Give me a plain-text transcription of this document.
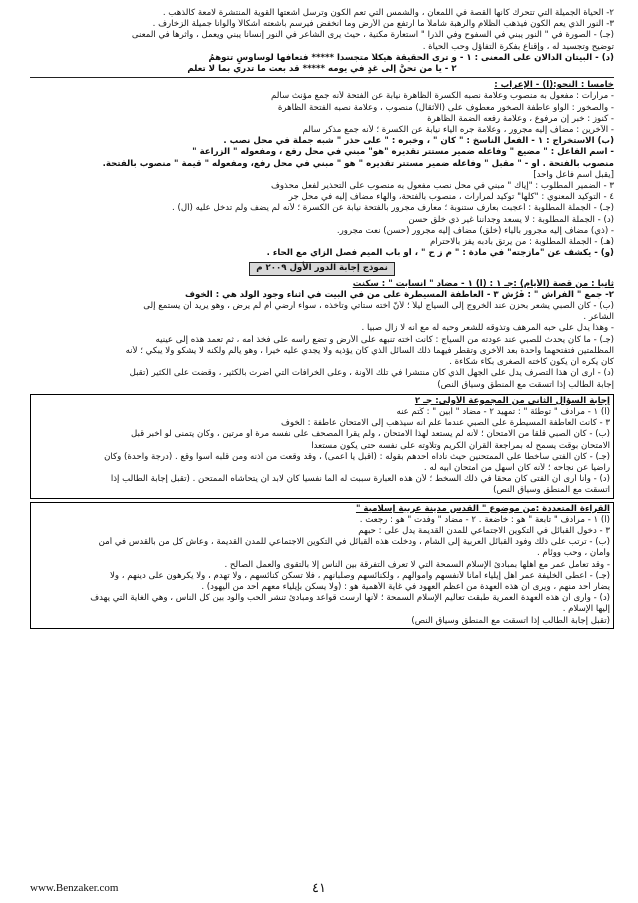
٢- الحياة الجميلة التي تتحرك كأنها القصة في اللمعان ، والشمس التي تعم الكون وترسل أشعتها القوية المنتشرة لامعة كالذهب .
٣- النور الذي يعم الكون فيذهب الظلام والرهبة شاملاً ما ارتفع من الأرض وما انخفض فيرسم بأشعته أشكالاً وألواناً جميلة الزخارف .
(جـ) - الصورة في " النور يبني في السفوح وفي الذرا " استعارة مكنية ، حيث يرى الشاعر في النور إنساناً يبني ويعمل ، وأثرها في المعنى
توضيح وتجسيد له ، وإقناع بفكرة التفاؤل وحب الحياة .
(د) - البيتان الدالان على المعنى : ١ - و ترى الحقيقة هيكلاً متجسداً ***** فتعافها لوساوسٍ تتوهمُ
٢ - يا من تحنُّ إلى غدٍ في يومه ***** قد بعت ما تدري بما لا تعلم
خامساً : النحو:(أ) - الإعراب :
- مرارات : مفعول به منصوب وعلامة نصبه الكسرة الظاهرة نيابة عن الفتحة لأنه جمع مؤنث سالم
- والصخور : الواو عاطفة الصخور معطوف على (الأثقال) منصوب ، وعلامة نصبه الفتحة الظاهرة
- كنوز : خبر إن مرفوع ، وعلامة رفعه الضمة الظاهرة
- الآخرين : مضاف إليه مجرور ، وعلامة جره الياء نيابة عن الكسرة ؛ لأنه جمع مذكر سالم
(ب) الاستخراج : ١ - الفعل الناسخ : " كان " ، وخبره : " على حذر " شبه جملة في محل نصب .
- اسم الفاعل : " مضيع " وفاعله ضمير مستتر تقديره "هو" مبني في محل رفع ، ومفعوله " الزراعة "
منصوب بالفتحة . أو - " مقبل " وفاعله ضمير مستتر تقديره " هو " مبني في محل رفع، ومفعوله " قيمة " منصوب بالفتحة.
[يقبل اسم فاعل واحد]
٣ - الضمير المطلوب : "إياك " مبني في محل نصب مفعول به منصوب على التحذير لفعل محذوف
٤ - التوكيد المعنوي : "كلها" توكيد لمرارات ، منصوب بالفتحة، والهاء مضاف إليه في محل جر
(جـ) - الجملة المطلوبة : أعجبت بعارف ستنوبة ؛ معارف مجرور بالفتحة نيابة عن الكسرة ؛ لأنه لم يضف ولم تدخل عليه (أل) .
(د) - الجملة المطلوبة : لا يسعد وجداننا غير ذي خلق حسن
- (ذي) مضاف إليه مجرور بالياء (خلق) مضاف إليه مجرور (حسن) نعت مجرور.
(هـ) - الجملة المطلوبة : من يرتق بأدبه يفز بالاحترام
(و) - يكشف عن "مازجته" في مادة : " م ز ح " ، أو باب الميم فصل الزاي مع الحاء .
نموذج إجابة الدور الأول ٢٠٠٩ م
ثانياً : من قصة (الأيام) :جـ ١ : (أ) ١ - مضاد " انسابت " : سكنت
٢- جمع " الفراش " : فُرُش ٣ - العاطفة المسيطرة على من في البيت في أثناء وجود الولد هي : الخوف
(ب) - كان الصبي يشعر بحزن عند الخروج إلى السياج ليلاً ؛ لأنّ أخته ستأتي وتأخذه ، سواء أرضي أم لم يرض ، وهو يريد أن يستمع إلى
الشاعر .
- وهذا يدل على حبه المرهف وتذوقه للشعر وحبه له مع أنه لا زال صبياً .
(جـ) - ما كان يحدث للصبي عند عودته من السياج : كانت أخته تنبهه على الأرض و تضع رأسه على فخذ أمه ، ثم تعمد هذه إلى عينيه
المظلمتين فتفتحهما واحدة بعد الأخرى وتقطر فيهما ذلك السائل الذي كان يؤذيه ولا يجدي عليه خيراً ، وهو يألم ولكنه لا يشكو ولا يبكي ؛ لأنه
كان يكره أن يكون كأخته الصغرى بكاء شكاءة .
(د) - أرى أن هذا التصرف يدل على الجهل الذي كان منتشراً في تلك الآونة ، وعلى الخرافات التي أضرت بالكثير ، وقضت على الكثير (تقبل
إجابة الطالب إذا اتسقت مع المنطق وسياق النص)
إجابة السؤال الثاني من المجموعة الأولى: جـ ٢
(أ) ١ - مرادف " توطئة " : تمهيد ٢ - مضاد " أبين " : كُتم عنه
٣ - كانت العاطفة المسيطرة على الصبي عندما علم أنه سيذهب إلى الامتحان عاطفة : الخوف
(ب) - كان الصبي قلقاً من الامتحان ؛ لأنه لم يستعد لهذا الامتحان ، ولم يقرأ المصحف على نفسه مرة أو مرتين ، وكان يتمنى لو أخبر قبل
الامتحان بوقت يسمح له بمراجعة القرآن الكريم وتلاوته على نفسه حتى يكون مستعداً
(جـ) - كان الفتى ساخطاً على الممتحنين حيث ناداه أحدهم بقوله : (أقبل يا أعمى) ، وقد وقعت من أذنه ومن قلبه أسواً وقع . (درجة واحدة) وكان
راضياً عن نجاحه ؛ لأنه كان أسهل من امتحان أبيه له .
(د) - وأنا أرى أن الفتى كان محقاً في ذلك السخط ؛ لأن هذه العبارة سببت له ألماً نفسياً كان لابد أن يتحاشاه الممتحن . (تقبل إجابة الطالب إذا
اتسقت مع المنطق وسياق النص)
القراءة المتعددة :من موضوع " القدس مدينة عربية إسلامية "
(أ) ١ - مرادف " تابعة " هو : خاضعة . ٢ - مضاد " وفدت " هو : رجعت .
٣ - دخول القبائل في التكوين الاجتماعي للمدن القديمة يدل على : حبهم
(ب) - ترتب على ذلك وفود القبائل العربية إلى الشام ، ودخلت هذه القبائل في التكوين الاجتماعي للمدن القديمة ، وعاش كل من بالقدس في أمن
وأمان ، وحب ووئام .
- وقد تعامل عمر مع أهلها بمبادئ الإسلام السمحة التي لا تعرف التفرقة بين الناس إلا بالتقوى والعمل الصالح .
(جـ) - أعطى الخليفة عمر أهل إيلياء أماناً لأنفسهم وأموالهم ، ولكنائسهم وصلبانهم ، فلا تسكن كنائسهم ، ولا تهدم ، ولا يكرهون على دينهم ، ولا
يضار أحد منهم ، ويرى أن هذه العهدة من أعظم العهود في غاية الأهمية هو : (ولا يسكن بإيلياء معهم أحد من اليهود) .
(د) - وأرى أن هذه العهدة العمرية طبقت تعاليم الإسلام السمحة ؛ لأنها أرست قواعد ومبادئ تنشر الحب والود بين كل الناس ، وهي الغاية التي يهدف
إليها الإسلام .
(تقبل إجابة الطالب إذا اتسقت مع المنطق وسياق النص)
www.Benzaker.com	٤١
